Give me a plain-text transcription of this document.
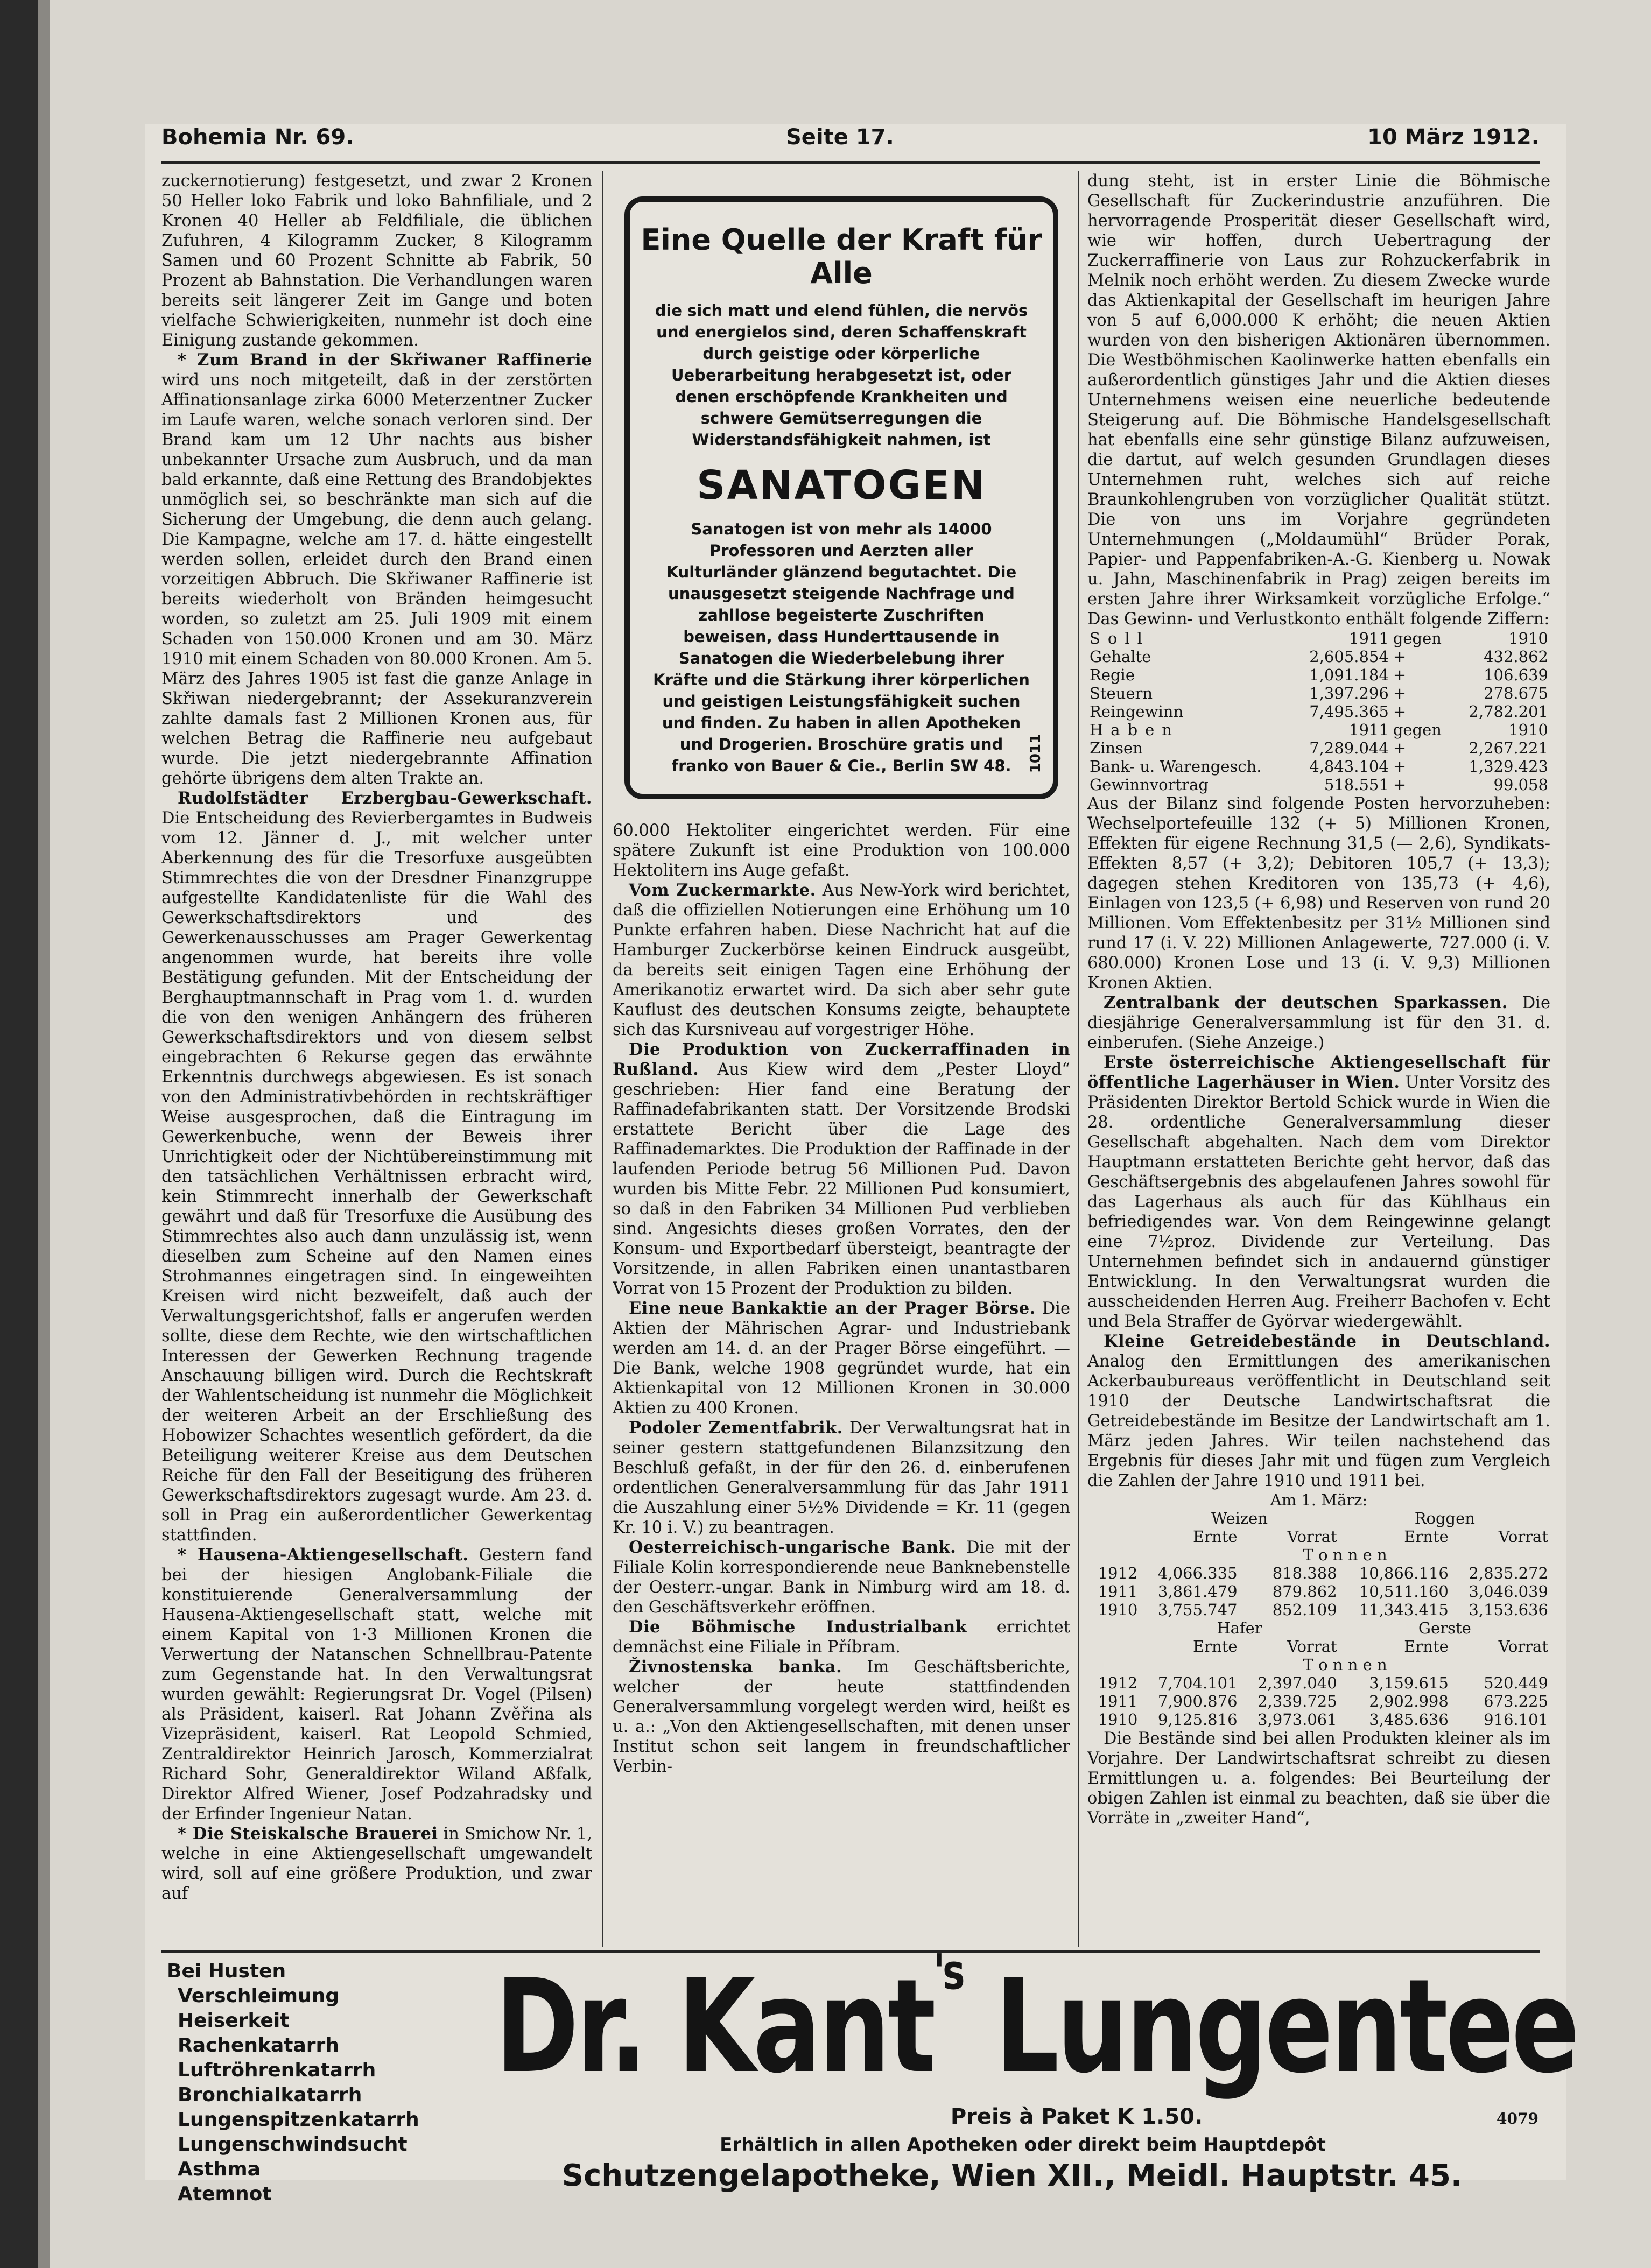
Bohemia Nr. 69.	Seite 17.	10 März 1912.

zuckernotierung) festgesetzt, und zwar 2 Kronen 50 Heller loko Fabrik und loko Bahnfiliale, und 2 Kronen 40 Heller ab Feldfiliale, die üblichen Zufuhren, 4 Kilogramm Zucker, 8 Kilogramm Samen und 60 Prozent Schnitte ab Fabrik, 50 Prozent ab Bahnstation. Die Verhandlungen waren bereits seit längerer Zeit im Gange und boten vielfache Schwierigkeiten, nunmehr ist doch eine Einigung zustande gekommen.

* Zum Brand in der Skřiwaner Raffinerie wird uns noch mitgeteilt, daß in der zerstörten Affinationsanlage zirka 6000 Meterzentner Zucker im Laufe waren, welche sonach verloren sind. Der Brand kam um 12 Uhr nachts aus bisher unbekannter Ursache zum Ausbruch, und da man bald erkannte, daß eine Rettung des Brandobjektes unmöglich sei, so beschränkte man sich auf die Sicherung der Umgebung, die denn auch gelang. Die Kampagne, welche am 17. d. hätte eingestellt werden sollen, erleidet durch den Brand einen vorzeitigen Abbruch. Die Skřiwaner Raffinerie ist bereits wiederholt von Bränden heimgesucht worden, so zuletzt am 25. Juli 1909 mit einem Schaden von 150.000 Kronen und am 30. März 1910 mit einem Schaden von 80.000 Kronen. Am 5. März des Jahres 1905 ist fast die ganze Anlage in Skřiwan niedergebrannt; der Assekuranzverein zahlte damals fast 2 Millionen Kronen aus, für welchen Betrag die Raffinerie neu aufgebaut wurde. Die jetzt niedergebrannte Affination gehörte übrigens dem alten Trakte an.

Rudolfstädter Erzbergbau-Gewerkschaft. Die Entscheidung des Revierbergamtes in Budweis vom 12. Jänner d. J., mit welcher unter Aberkennung des für die Tresorfuxe ausgeübten Stimmrechtes die von der Dresdner Finanzgruppe aufgestellte Kandidatenliste für die Wahl des Gewerkschaftsdirektors und des Gewerkenausschusses am Prager Gewerkentag angenommen wurde, hat bereits ihre volle Bestätigung gefunden. Mit der Entscheidung der Berghauptmannschaft in Prag vom 1. d. wurden die von den wenigen Anhängern des früheren Gewerkschaftsdirektors und von diesem selbst eingebrachten 6 Rekurse gegen das erwähnte Erkenntnis durchwegs abgewiesen. Es ist sonach von den Administrativbehörden in rechtskräftiger Weise ausgesprochen, daß die Eintragung im Gewerkenbuche, wenn der Beweis ihrer Unrichtigkeit oder der Nichtübereinstimmung mit den tatsächlichen Verhältnissen erbracht wird, kein Stimmrecht innerhalb der Gewerkschaft gewährt und daß für Tresorfuxe die Ausübung des Stimmrechtes also auch dann unzulässig ist, wenn dieselben zum Scheine auf den Namen eines Strohmannes eingetragen sind. In eingeweihten Kreisen wird nicht bezweifelt, daß auch der Verwaltungsgerichtshof, falls er angerufen werden sollte, diese dem Rechte, wie den wirtschaftlichen Interessen der Gewerken Rechnung tragende Anschauung billigen wird. Durch die Rechtskraft der Wahlentscheidung ist nunmehr die Möglichkeit der weiteren Arbeit an der Erschließung des Hobowizer Schachtes wesentlich gefördert, da die Beteiligung weiterer Kreise aus dem Deutschen Reiche für den Fall der Beseitigung des früheren Gewerkschaftsdirektors zugesagt wurde. Am 23. d. soll in Prag ein außerordentlicher Gewerkentag stattfinden.

* Hausena-Aktiengesellschaft. Gestern fand bei der hiesigen Anglobank-Filiale die konstituierende Generalversammlung der Hausena-Aktiengesellschaft statt, welche mit einem Kapital von 1·3 Millionen Kronen die Verwertung der Natanschen Schnellbrau-Patente zum Gegenstande hat. In den Verwaltungsrat wurden gewählt: Regierungsrat Dr. Vogel (Pilsen) als Präsident, kaiserl. Rat Johann Zvěřina als Vizepräsident, kaiserl. Rat Leopold Schmied, Zentraldirektor Heinrich Jarosch, Kommerzialrat Richard Sohr, Generaldirektor Wiland Aßfalk, Direktor Alfred Wiener, Josef Podzahradsky und der Erfinder Ingenieur Natan.

* Die Steiskalsche Brauerei in Smichow Nr. 1, welche in eine Aktiengesellschaft umgewandelt wird, soll auf eine größere Produktion, und zwar auf

Eine Quelle der Kraft für Alle
die sich matt und elend fühlen, die nervös und energielos sind, deren Schaffenskraft durch geistige oder körperliche Ueberarbeitung herabgesetzt ist, oder denen erschöpfende Krankheiten und schwere Gemütserregungen die Widerstandsfähigkeit nahmen, ist
SANATOGEN
Sanatogen ist von mehr als 14000 Professoren und Aerzten aller Kulturländer glänzend begutachtet. Die unausgesetzt steigende Nachfrage und zahllose begeisterte Zuschriften beweisen, dass Hunderttausende in Sanatogen die Wiederbelebung ihrer Kräfte und die Stärkung ihrer körperlichen und geistigen Leistungsfähigkeit suchen und finden. Zu haben in allen Apotheken und Drogerien. Broschüre gratis und franko von Bauer & Cie., Berlin SW 48.	1011

60.000 Hektoliter eingerichtet werden. Für eine spätere Zukunft ist eine Produktion von 100.000 Hektolitern ins Auge gefaßt.

Vom Zuckermarkte. Aus New-York wird berichtet, daß die offiziellen Notierungen eine Erhöhung um 10 Punkte erfahren haben. Diese Nachricht hat auf die Hamburger Zuckerbörse keinen Eindruck ausgeübt, da bereits seit einigen Tagen eine Erhöhung der Amerikanotiz erwartet wird. Da sich aber sehr gute Kauflust des deutschen Konsums zeigte, behauptete sich das Kursniveau auf vorgestriger Höhe.

Die Produktion von Zuckerraffinaden in Rußland. Aus Kiew wird dem „Pester Lloyd“ geschrieben: Hier fand eine Beratung der Raffinadefabrikanten statt. Der Vorsitzende Brodski erstattete Bericht über die Lage des Raffinademarktes. Die Produktion der Raffinade in der laufenden Periode betrug 56 Millionen Pud. Davon wurden bis Mitte Febr. 22 Millionen Pud konsumiert, so daß in den Fabriken 34 Millionen Pud verblieben sind. Angesichts dieses großen Vorrates, den der Konsum- und Exportbedarf übersteigt, beantragte der Vorsitzende, in allen Fabriken einen unantastbaren Vorrat von 15 Prozent der Produktion zu bilden.

Eine neue Bankaktie an der Prager Börse. Die Aktien der Mährischen Agrar- und Industriebank werden am 14. d. an der Prager Börse eingeführt. — Die Bank, welche 1908 gegründet wurde, hat ein Aktienkapital von 12 Millionen Kronen in 30.000 Aktien zu 400 Kronen.

Podoler Zementfabrik. Der Verwaltungsrat hat in seiner gestern stattgefundenen Bilanzsitzung den Beschluß gefaßt, in der für den 26. d. einberufenen ordentlichen Generalversammlung für das Jahr 1911 die Auszahlung einer 5½% Dividende = Kr. 11 (gegen Kr. 10 i. V.) zu beantragen.

Oesterreichisch-ungarische Bank. Die mit der Filiale Kolin korrespondierende neue Banknebenstelle der Oesterr.-ungar. Bank in Nimburg wird am 18. d. den Geschäftsverkehr eröffnen.

Die Böhmische Industrialbank errichtet demnächst eine Filiale in Příbram.

Živnostenska banka. Im Geschäftsberichte, welcher der heute stattfindenden Generalversammlung vorgelegt werden wird, heißt es u. a.: „Von den Aktiengesellschaften, mit denen unser Institut schon seit langem in freundschaftlicher Verbin-

dung steht, ist in erster Linie die Böhmische Gesellschaft für Zuckerindustrie anzuführen. Die hervorragende Prosperität dieser Gesellschaft wird, wie wir hoffen, durch Uebertragung der Zuckerraffinerie von Laus zur Rohzuckerfabrik in Melnik noch erhöht werden. Zu diesem Zwecke wurde das Aktienkapital der Gesellschaft im heurigen Jahre von 5 auf 6,000.000 K erhöht; die neuen Aktien wurden von den bisherigen Aktionären übernommen. Die Westböhmischen Kaolinwerke hatten ebenfalls ein außerordentlich günstiges Jahr und die Aktien dieses Unternehmens weisen eine neuerliche bedeutende Steigerung auf. Die Böhmische Handelsgesellschaft hat ebenfalls eine sehr günstige Bilanz aufzuweisen, die dartut, auf welch gesunden Grundlagen dieses Unternehmen ruht, welches sich auf reiche Braunkohlengruben von vorzüglicher Qualität stützt. Die von uns im Vorjahre gegründeten Unternehmungen („Moldaumühl“ Brüder Porak, Papier- und Pappenfabriken-A.-G. Kienberg u. Nowak u. Jahn, Maschinenfabrik in Prag) zeigen bereits im ersten Jahre ihrer Wirksamkeit vorzügliche Erfolge.“ Das Gewinn- und Verlustkonto enthält folgende Ziffern:

Soll	1911	gegen	1910
Gehalte	2,605.854	+	432.862
Regie	1,091.184	+	106.639
Steuern	1,397.296	+	278.675
Reingewinn	7,495.365	+	2,782.201
Haben	1911	gegen	1910
Zinsen	7,289.044	+	2,267.221
Bank- u. Warengesch.	4,843.104	+	1,329.423
Gewinnvortrag	518.551	+	99.058

Aus der Bilanz sind folgende Posten hervorzuheben: Wechselportefeuille 132 (+ 5) Millionen Kronen, Effekten für eigene Rechnung 31,5 (— 2,6), Syndikats-Effekten 8,57 (+ 3,2); Debitoren 105,7 (+ 13,3); dagegen stehen Kreditoren von 135,73 (+ 4,6), Einlagen von 123,5 (+ 6,98) und Reserven von rund 20 Millionen. Vom Effektenbesitz per 31½ Millionen sind rund 17 (i. V. 22) Millionen Anlagewerte, 727.000 (i. V. 680.000) Kronen Lose und 13 (i. V. 9,3) Millionen Kronen Aktien.

Zentralbank der deutschen Sparkassen. Die diesjährige Generalversammlung ist für den 31. d. einberufen. (Siehe Anzeige.)

Erste österreichische Aktiengesellschaft für öffentliche Lagerhäuser in Wien. Unter Vorsitz des Präsidenten Direktor Bertold Schick wurde in Wien die 28. ordentliche Generalversammlung dieser Gesellschaft abgehalten. Nach dem vom Direktor Hauptmann erstatteten Berichte geht hervor, daß das Geschäftsergebnis des abgelaufenen Jahres sowohl für das Lagerhaus als auch für das Kühlhaus ein befriedigendes war. Von dem Reingewinne gelangt eine 7½proz. Dividende zur Verteilung. Das Unternehmen befindet sich in andauernd günstiger Entwicklung. In den Verwaltungsrat wurden die ausscheidenden Herren Aug. Freiherr Bachofen v. Echt und Bela Straffer de Györvar wiedergewählt.

Kleine Getreidebestände in Deutschland. Analog den Ermittlungen des amerikanischen Ackerbaubureaus veröffentlicht in Deutschland seit 1910 der Deutsche Landwirtschaftsrat die Getreidebestände im Besitze der Landwirtschaft am 1. März jeden Jahres. Wir teilen nachstehend das Ergebnis für dieses Jahr mit und fügen zum Vergleich die Zahlen der Jahre 1910 und 1911 bei.

Am 1. März:
	Weizen		Roggen	
	Ernte	Vorrat	Ernte	Vorrat
	T o n n e n			
1912	4,066.335	818.388	10,866.116	2,835.272
1911	3,861.479	879.862	10,511.160	3,046.039
1910	3,755.747	852.109	11,343.415	3,153.636
	Hafer		Gerste	
	Ernte	Vorrat	Ernte	Vorrat
	T o n n e n			
1912	7,704.101	2,397.040	3,159.615	520.449
1911	7,900.876	2,339.725	2,902.998	673.225
1910	9,125.816	3,973.061	3,485.636	916.101

Die Bestände sind bei allen Produkten kleiner als im Vorjahre. Der Landwirtschaftsrat schreibt zu diesen Ermittlungen u. a. folgendes: Bei Beurteilung der obigen Zahlen ist einmal zu beachten, daß sie über die Vorräte in „zweiter Hand“,

Bei Husten
Verschleimung
Heiserkeit
Rachenkatarrh
Luftröhrenkatarrh
Bronchialkatarrh
Lungenspitzenkatarrh
Lungenschwindsucht
Asthma
Atemnot
Dr. Kant$^{'s}$ Lungentee
Preis à Paket K 1.50.	4079
Erhältlich in allen Apotheken oder direkt beim Hauptdepôt
Schutzengelapotheke, Wien XII., Meidl. Hauptstr. 45.
